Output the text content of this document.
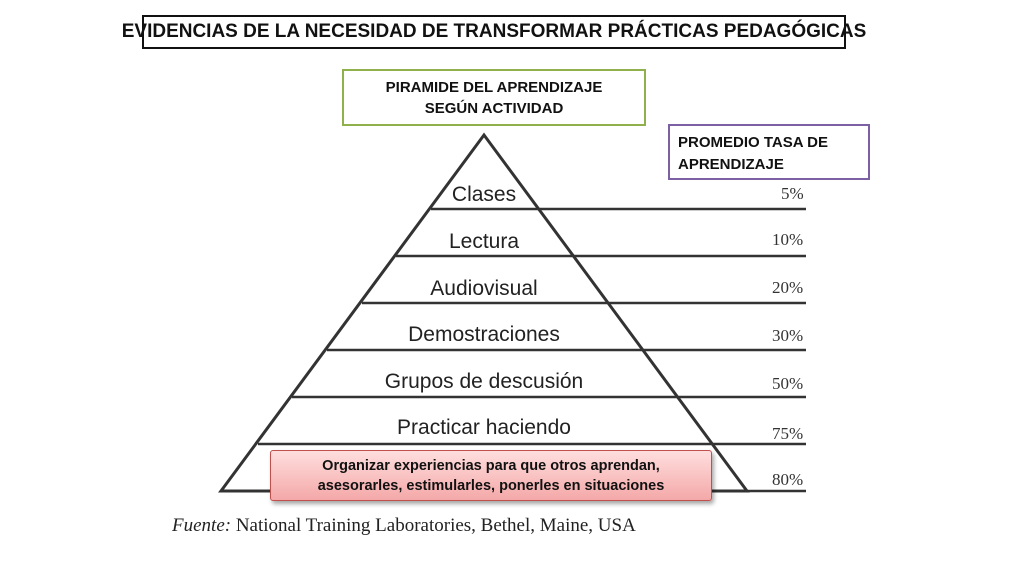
EVIDENCIAS DE LA NECESIDAD DE TRANSFORMAR PRÁCTICAS PEDAGÓGICAS
PIRAMIDE DEL APRENDIZAJE
SEGÚN ACTIVIDAD
PROMEDIO TASA DE
APRENDIZAJE
Clases
Lectura
Audiovisual
Demostraciones
Grupos de descusión
Practicar haciendo
5%
10%
20%
30%
50%
75%
80%
Organizar experiencias para que otros aprendan,
asesorarles, estimularles, ponerles en situaciones
Fuente: National Training Laboratories, Bethel, Maine, USA
